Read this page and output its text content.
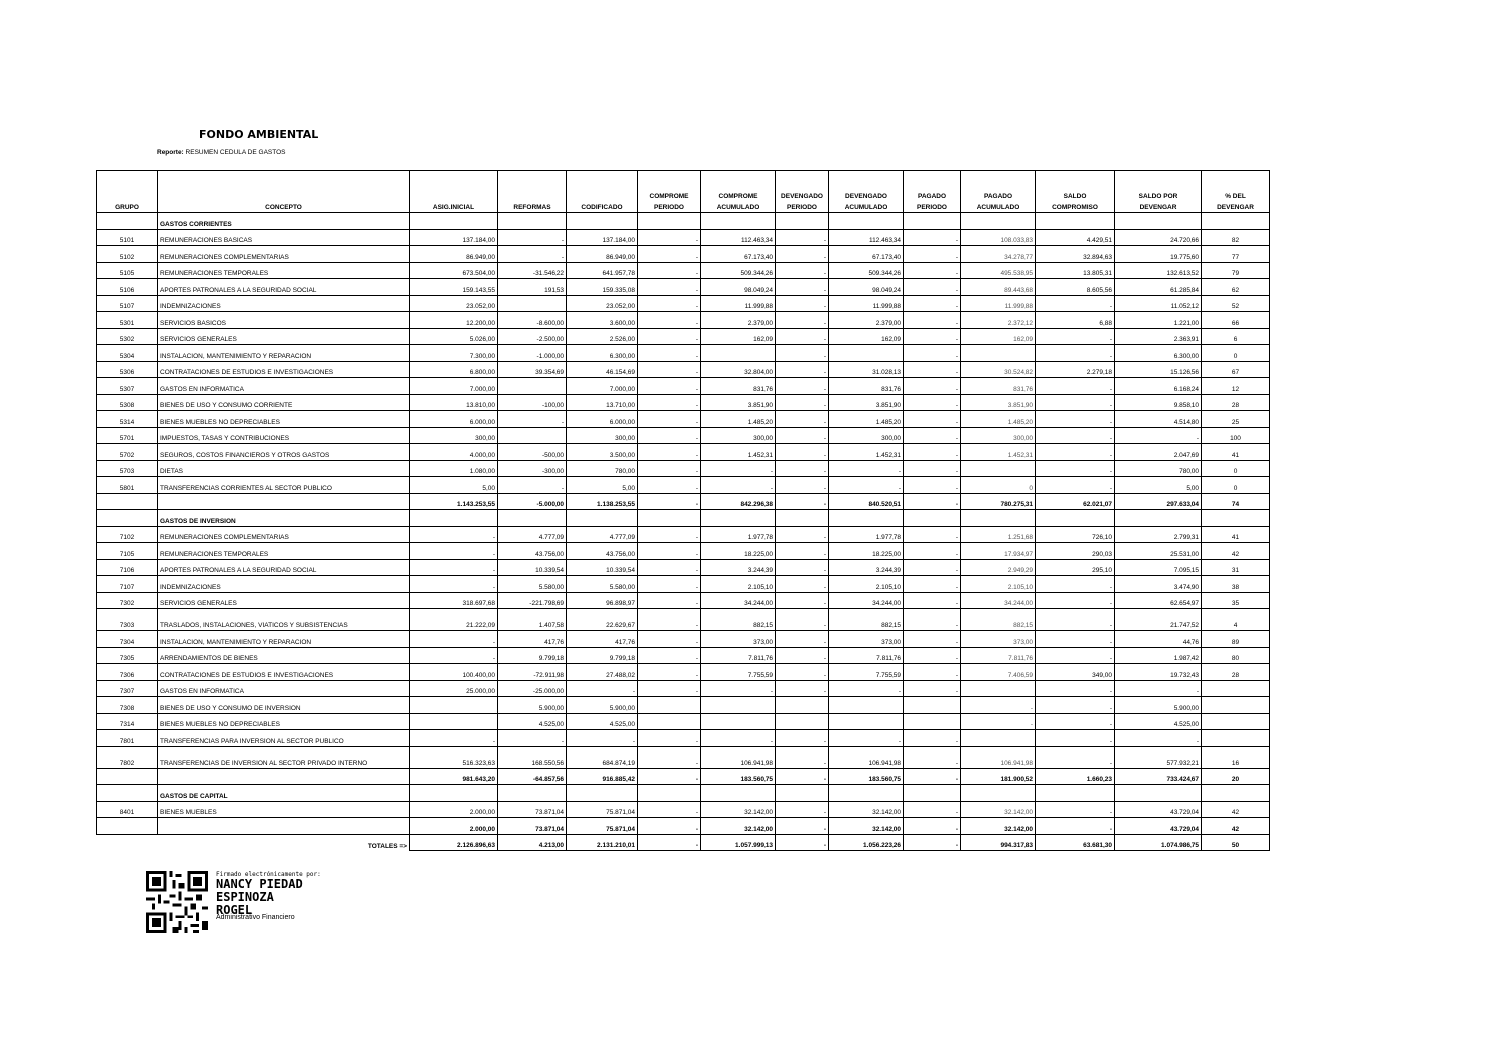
FONDO AMBIENTAL
Reporte: RESUMEN CEDULA DE GASTOS
					COMPROME	COMPROME	DEVENGADO	DEVENGADO	PAGADO	PAGADO	SALDO	SALDO POR	% DEL
GRUPO	CONCEPTO	ASIG.INICIAL	REFORMAS	CODIFICADO	PERIODO	ACUMULADO	PERIODO	ACUMULADO	PERIODO	ACUMULADO	COMPROMISO	DEVENGAR	DEVENGAR
	GASTOS CORRIENTES												
5101	REMUNERACIONES BASICAS	137.184,00	-	137.184,00	-	112.463,34	-	112.463,34	-	108.033,83	4.429,51	24.720,66	82
5102	REMUNERACIONES COMPLEMENTARIAS	86.949,00	-	86.949,00	-	67.173,40	-	67.173,40	-	34.278,77	32.894,63	19.775,60	77
5105	REMUNERACIONES TEMPORALES	673.504,00	-31.546,22	641.957,78	-	509.344,26	-	509.344,26	-	495.538,95	13.805,31	132.613,52	79
5106	APORTES PATRONALES A LA SEGURIDAD SOCIAL	159.143,55	191,53	159.335,08	-	98.049,24	-	98.049,24	-	89.443,68	8.605,56	61.285,84	62
5107	INDEMNIZACIONES	23.052,00		23.052,00	-	11.999,88	-	11.999,88	-	11.999,88	-	11.052,12	52
5301	SERVICIOS BASICOS	12.200,00	-8.600,00	3.600,00	-	2.379,00	-	2.379,00	-	2.372,12	6,88	1.221,00	66
5302	SERVICIOS GENERALES	5.026,00	-2.500,00	2.526,00	-	162,09	-	162,09	-	162,09	-	2.363,91	6
5304	INSTALACION, MANTENIMIENTO Y REPARACION	7.300,00	-1.000,00	6.300,00	-		-		-		-	6.300,00	0
5306	CONTRATACIONES DE ESTUDIOS E INVESTIGACIONES	6.800,00	39.354,69	46.154,69	-	32.804,00	-	31.028,13	-	30.524,82	2.279,18	15.126,56	67
5307	GASTOS EN INFORMATICA	7.000,00		7.000,00	-	831,76	-	831,76	-	831,76	-	6.168,24	12
5308	BIENES DE USO Y CONSUMO CORRIENTE	13.810,00	-100,00	13.710,00	-	3.851,90	-	3.851,90	-	3.851,90	-	9.858,10	28
5314	BIENES MUEBLES NO DEPRECIABLES	6.000,00	-	6.000,00	-	1.485,20	-	1.485,20	-	1.485,20	-	4.514,80	25
5701	IMPUESTOS, TASAS Y CONTRIBUCIONES	300,00		300,00	-	300,00	-	300,00	-	300,00	-	-	100
5702	SEGUROS, COSTOS FINANCIEROS Y OTROS GASTOS	4.000,00	-500,00	3.500,00	-	1.452,31	-	1.452,31	-	1.452,31	-	2.047,69	41
5703	DIETAS	1.080,00	-300,00	780,00	-	-	-	-	-		-	780,00	0
5801	TRANSFERENCIAS CORRIENTES AL SECTOR PUBLICO	5,00	-	5,00	-	-	-	-	-	0	-	5,00	0
		1.143.253,55	-5.000,00	1.138.253,55	-	842.296,38	-	840.520,51	-	780.275,31	62.021,07	297.633,04	74
	GASTOS DE INVERSION												
7102	REMUNERACIONES COMPLEMENTARIAS	-	4.777,09	4.777,09	-	1.977,78	-	1.977,78	-	1.251,68	726,10	2.799,31	41
7105	REMUNERACIONES TEMPORALES	-	43.756,00	43.756,00	-	18.225,00	-	18.225,00	-	17.934,97	290,03	25.531,00	42
7106	APORTES PATRONALES A LA SEGURIDAD SOCIAL	-	10.339,54	10.339,54	-	3.244,39	-	3.244,39	-	2.949,29	295,10	7.095,15	31
7107	INDEMNIZACIONES	-	5.580,00	5.580,00	-	2.105,10	-	2.105,10	-	2.105,10	-	3.474,90	38
7302	SERVICIOS GENERALES	318.697,68	-221.798,69	96.898,97	-	34.244,00	-	34.244,00	-	34.244,00	-	62.654,97	35
7303	TRASLADOS, INSTALACIONES, VIATICOS Y SUBSISTENCIAS	21.222,09	1.407,58	22.629,67	-	882,15	-	882,15	-	882,15	-	21.747,52	4
7304	INSTALACION, MANTENIMIENTO Y REPARACION	-	417,76	417,76	-	373,00	-	373,00	-	373,00	-	44,76	89
7305	ARRENDAMIENTOS DE BIENES	-	9.799,18	9.799,18	-	7.811,76	-	7.811,76	-	7.811,76	-	1.987,42	80
7306	CONTRATACIONES DE ESTUDIOS E INVESTIGACIONES	100.400,00	-72.911,98	27.488,02	-	7.755,59	-	7.755,59	-	7.406,59	349,00	19.732,43	28
7307	GASTOS EN INFORMATICA	25.000,00	-25.000,00	-	-	-	-	-	-		-	-	
7308	BIENES DE USO Y CONSUMO DE INVERSION		5.900,00	5.900,00						-	-	5.900,00	
7314	BIENES MUEBLES NO DEPRECIABLES		4.525,00	4.525,00						-	-	4.525,00	
7801	TRANSFERENCIAS PARA INVERSION AL SECTOR PUBLICO	-	-	-	-	-	-	-	-		-	-	
7802	TRANSFERENCIAS DE INVERSION AL SECTOR PRIVADO INTERNO	516.323,63	168.550,56	684.874,19	-	106.941,98	-	106.941,98	-	106.941,98	-	577.932,21	16
		981.643,20	-64.857,56	916.885,42	-	183.560,75	-	183.560,75	-	181.900,52	1.660,23	733.424,67	20
	GASTOS DE CAPITAL												
8401	BIENES MUEBLES	2.000,00	73.871,04	75.871,04	-	32.142,00	-	32.142,00	-	32.142,00	-	43.729,04	42
		2.000,00	73.871,04	75.871,04	-	32.142,00	-	32.142,00	-	32.142,00	-	43.729,04	42
TOTALES =>		2.126.896,63	4.213,00	2.131.210,01	-	1.057.999,13	-	1.056.223,26	-	994.317,83	63.681,30	1.074.986,75	50
Firmado electrónicamente por:
NANCY PIEDAD
ESPINOZA
ROGEL
Administrativo Financiero
